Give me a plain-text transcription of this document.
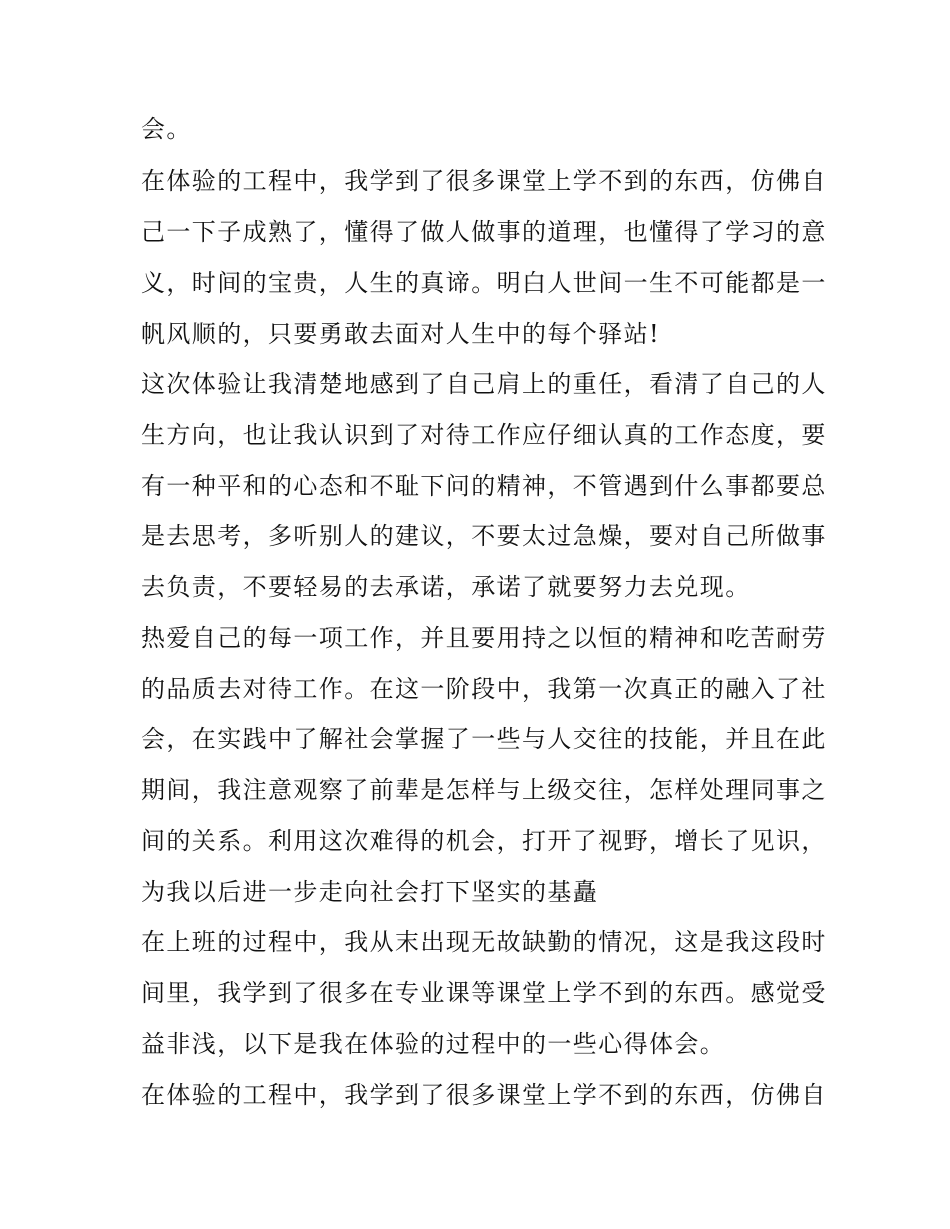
会。

在体验的工程中，我学到了很多课堂上学不到的东西，仿佛自

己一下子成熟了，懂得了做人做事的道理，也懂得了学习的意

义，时间的宝贵，人生的真谛。明白人世间一生不可能都是一

帆风顺的，只要勇敢去面对人生中的每个驿站!

这次体验让我清楚地感到了自己肩上的重任，看清了自己的人

生方向，也让我认识到了对待工作应仔细认真的工作态度，要

有一种平和的心态和不耻下问的精神，不管遇到什么事都要总

是去思考，多听别人的建议，不要太过急燥，要对自己所做事

去负责，不要轻易的去承诺，承诺了就要努力去兑现。

热爱自己的每一项工作，并且要用持之以恒的精神和吃苦耐劳

的品质去对待工作。在这一阶段中，我第一次真正的融入了社

会，在实践中了解社会掌握了一些与人交往的技能，并且在此

期间，我注意观察了前辈是怎样与上级交往，怎样处理同事之

间的关系。利用这次难得的机会，打开了视野，增长了见识，

为我以后进一步走向社会打下坚实的基矗

在上班的过程中，我从末出现无故缺勤的情况，这是我这段时

间里，我学到了很多在专业课等课堂上学不到的东西。感觉受

益非浅，以下是我在体验的过程中的一些心得体会。

在体验的工程中，我学到了很多课堂上学不到的东西，仿佛自
